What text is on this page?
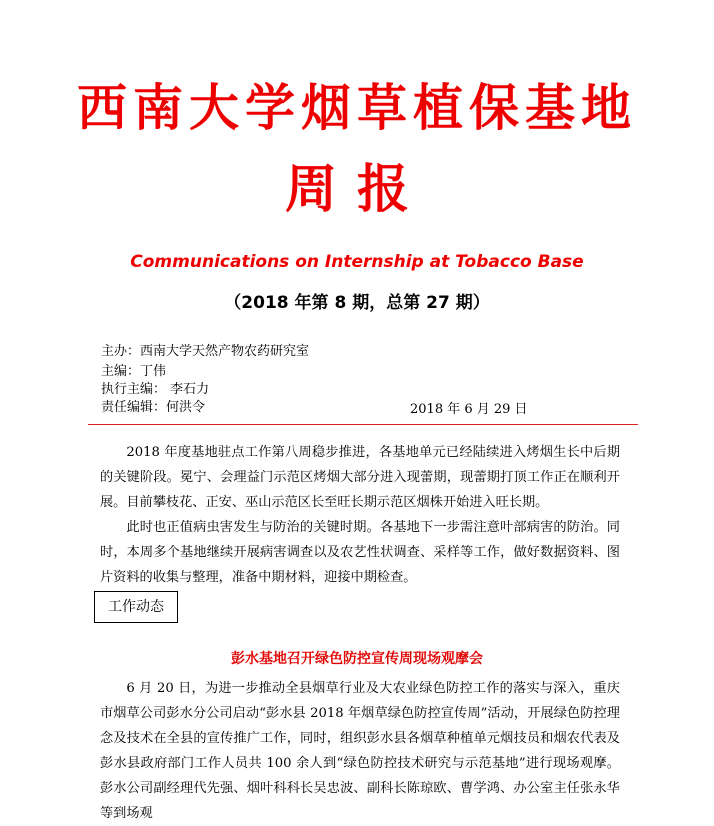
西南大学烟草植保基地
周报
Communications on Internship at Tobacco Base
（2018 年第 8 期，总第 27 期）
主办：西南大学天然产物农药研究室
主编：丁伟
执行主编： 李石力
责任编辑：何洪令	2018 年 6 月 29 日
2018 年度基地驻点工作第八周稳步推进，各基地单元已经陆续进入烤烟生长中后期的关键阶段。冕宁、会理益门示范区烤烟大部分进入现蕾期，现蕾期打顶工作正在顺利开展。目前攀枝花、正安、巫山示范区长至旺长期示范区烟株开始进入旺长期。
此时也正值病虫害发生与防治的关键时期。各基地下一步需注意叶部病害的防治。同时，本周多个基地继续开展病害调查以及农艺性状调查、采样等工作，做好数据资料、图片资料的收集与整理，准备中期材料，迎接中期检查。
工作动态
彭水基地召开绿色防控宣传周现场观摩会
6 月 20 日，为进一步推动全县烟草行业及大农业绿色防控工作的落实与深入，重庆市烟草公司彭水分公司启动“彭水县 2018 年烟草绿色防控宣传周”活动，开展绿色防控理念及技术在全县的宣传推广工作，同时，组织彭水县各烟草种植单元烟技员和烟农代表及彭水县政府部门工作人员共 100 余人到“绿色防控技术研究与示范基地”进行现场观摩。彭水公司副经理代先强、烟叶科科长吴忠波、副科长陈琼欧、曹学鸿、办公室主任张永华等到场观
